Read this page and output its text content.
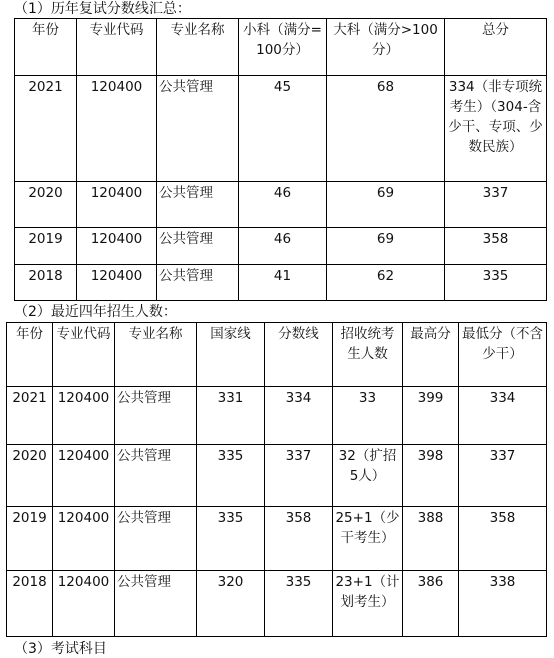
（1）历年复试分数线汇总：
年份	专业代码	专业名称	小科（满分=100分）	大科（满分>100分）	总分
2021	120400	公共管理	45	68	334（非专项统考生）（304-含少干、专项、少数民族）
2020	120400	公共管理	46	69	337
2019	120400	公共管理	46	69	358
2018	120400	公共管理	41	62	335
（2）最近四年招生人数：
年份	专业代码	专业名称	国家线	分数线	招收统考生人数	最高分	最低分（不含少干）
2021	120400	公共管理	331	334	33	399	334
2020	120400	公共管理	335	337	32（扩招5人）	398	337
2019	120400	公共管理	335	358	25+1（少干考生）	388	358
2018	120400	公共管理	320	335	23+1（计划考生）	386	338
（3）考试科目
